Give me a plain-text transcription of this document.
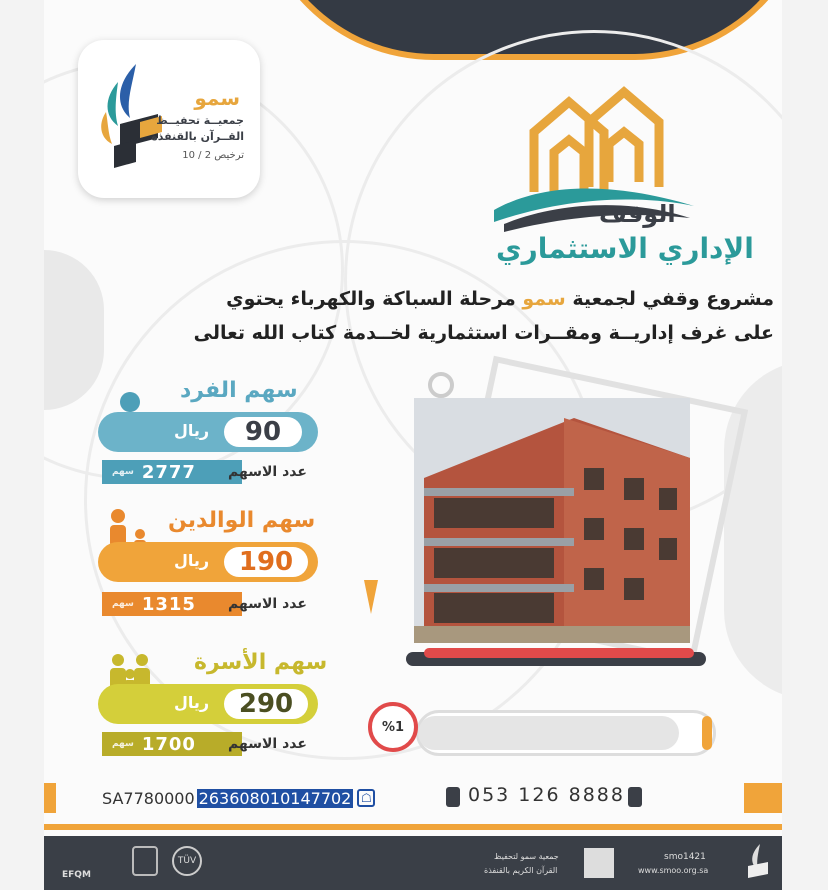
سمو
جمعيــة تحفيــظ
القــرآن بالقنفذة
ترخيص 2 / 10
الوقف
الإداري الاستثماري
مشروع وقفي لجمعية سمو مرحلة السباكة والكهرباء يحتوي
على غرف إداريــة ومقــرات استثمارية لخــدمة كتاب الله تعالى
سهم الفرد
ريال	90
سهم 2777 عدد الاسهم
سهم الوالدين
ريال	190
سهم 1315 عدد الاسهم
سهم الأسرة
ريال	290
سهم 1700 عدد الاسهم
%1
SA7780000 263608010147702 ☖	053 126 8888
EFQM
TÜV	جمعية سمو لتحفيظ
القرآن الكريم بالقنفذة
smo1421
www.smoo.org.sa
